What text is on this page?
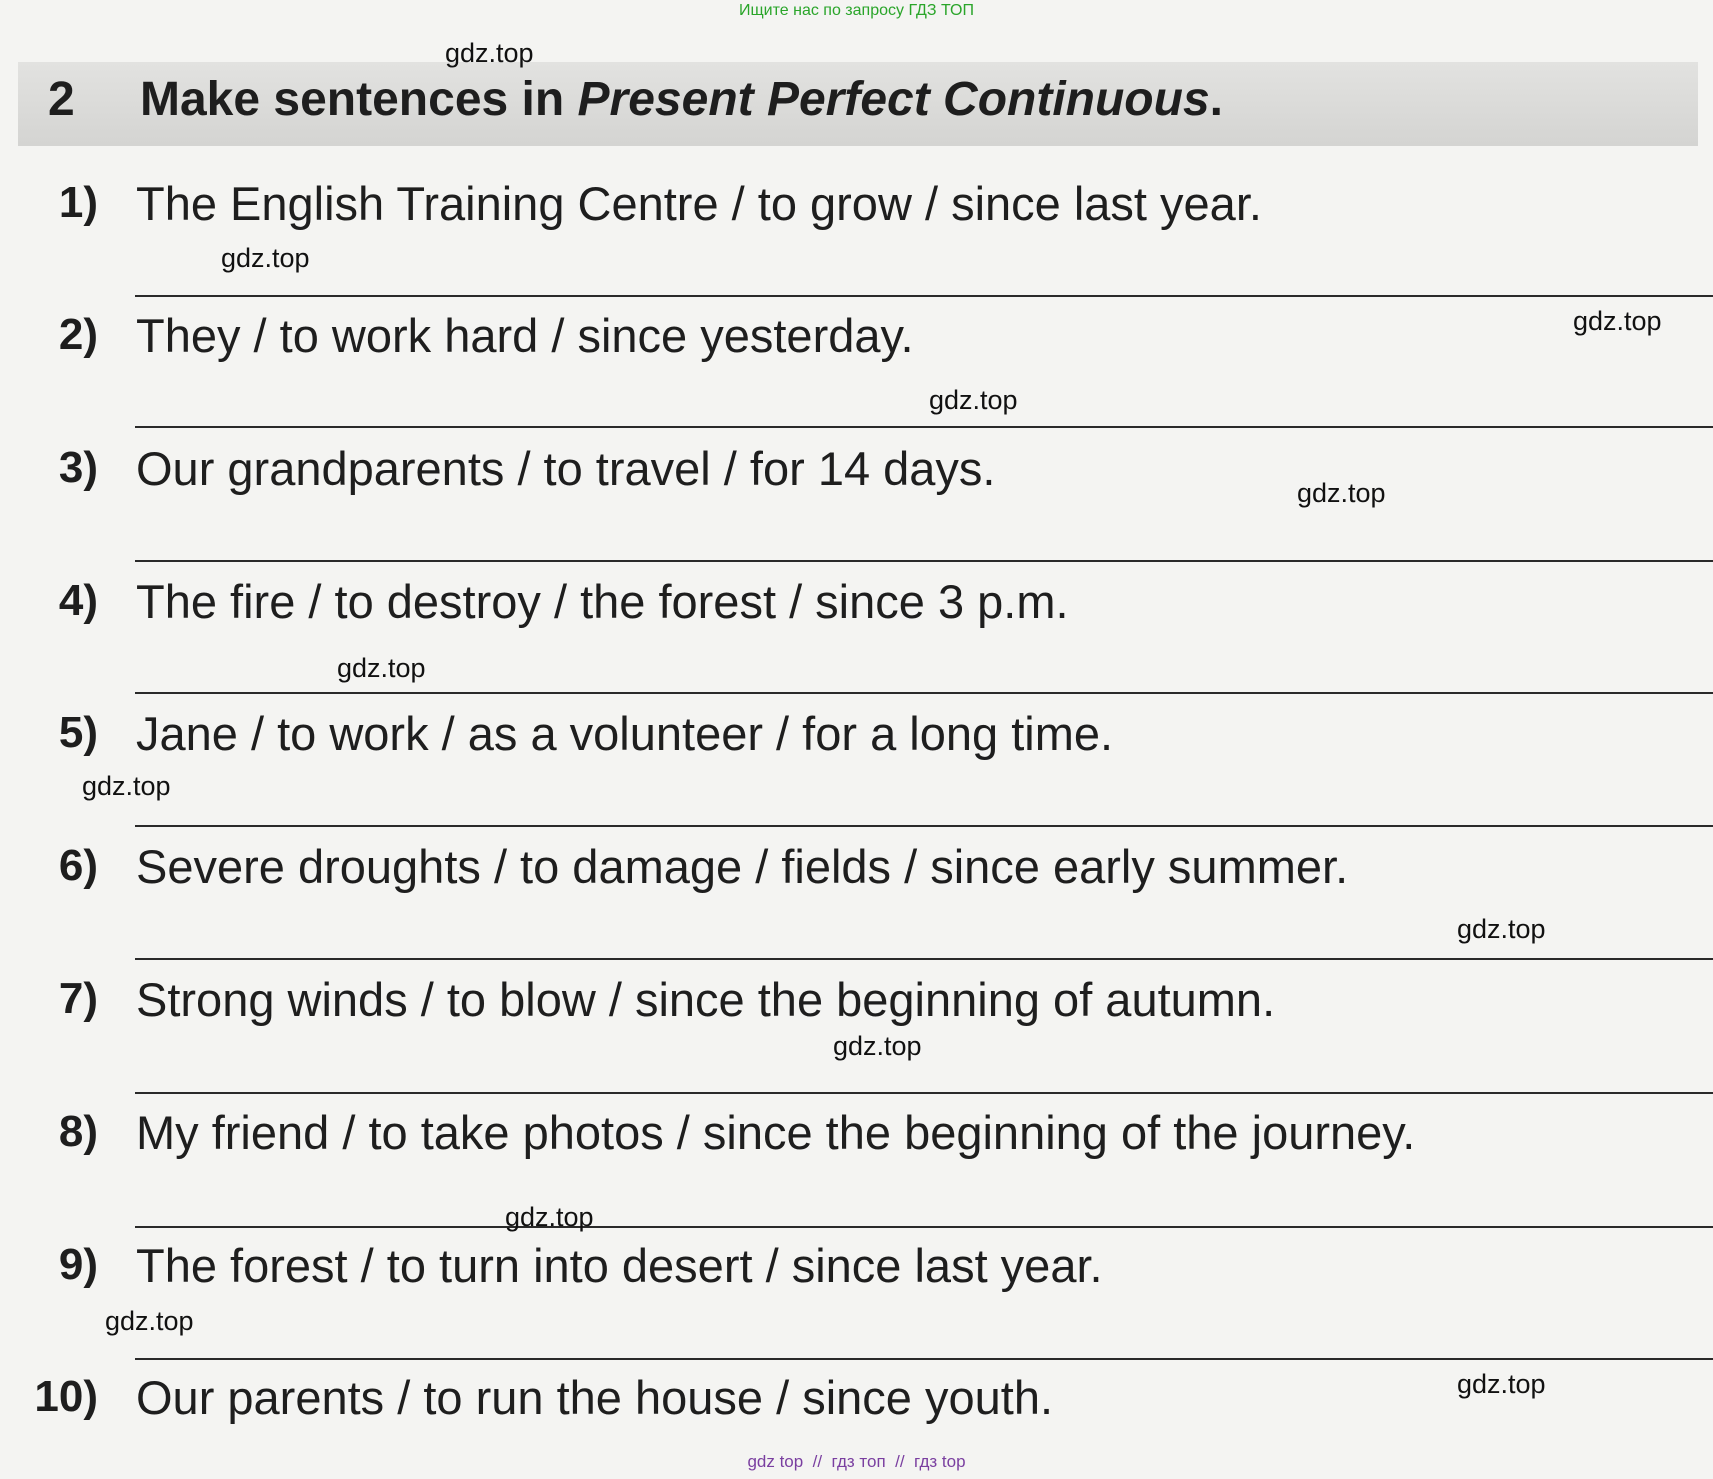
Ищите нас по запросу ГДЗ ТОП
2 Make sentences in Present Perfect Continuous.
1) The English Training Centre / to grow / since last year.
2) They / to work hard / since yesterday.
3) Our grandparents / to travel / for 14 days.
4) The fire / to destroy / the forest / since 3 p.m.
5) Jane / to work / as a volunteer / for a long time.
6) Severe droughts / to damage / fields / since early summer.
7) Strong winds / to blow / since the beginning of autumn.
8) My friend / to take photos / since the beginning of the journey.
9) The forest / to turn into desert / since last year.
10) Our parents / to run the house / since youth.
gdz.top
gdz.top
gdz.top
gdz.top
gdz.top
gdz.top
gdz.top
gdz.top
gdz.top
gdz.top
gdz.top
gdz.top
gdz top  //  гдз топ  //  гдз top
